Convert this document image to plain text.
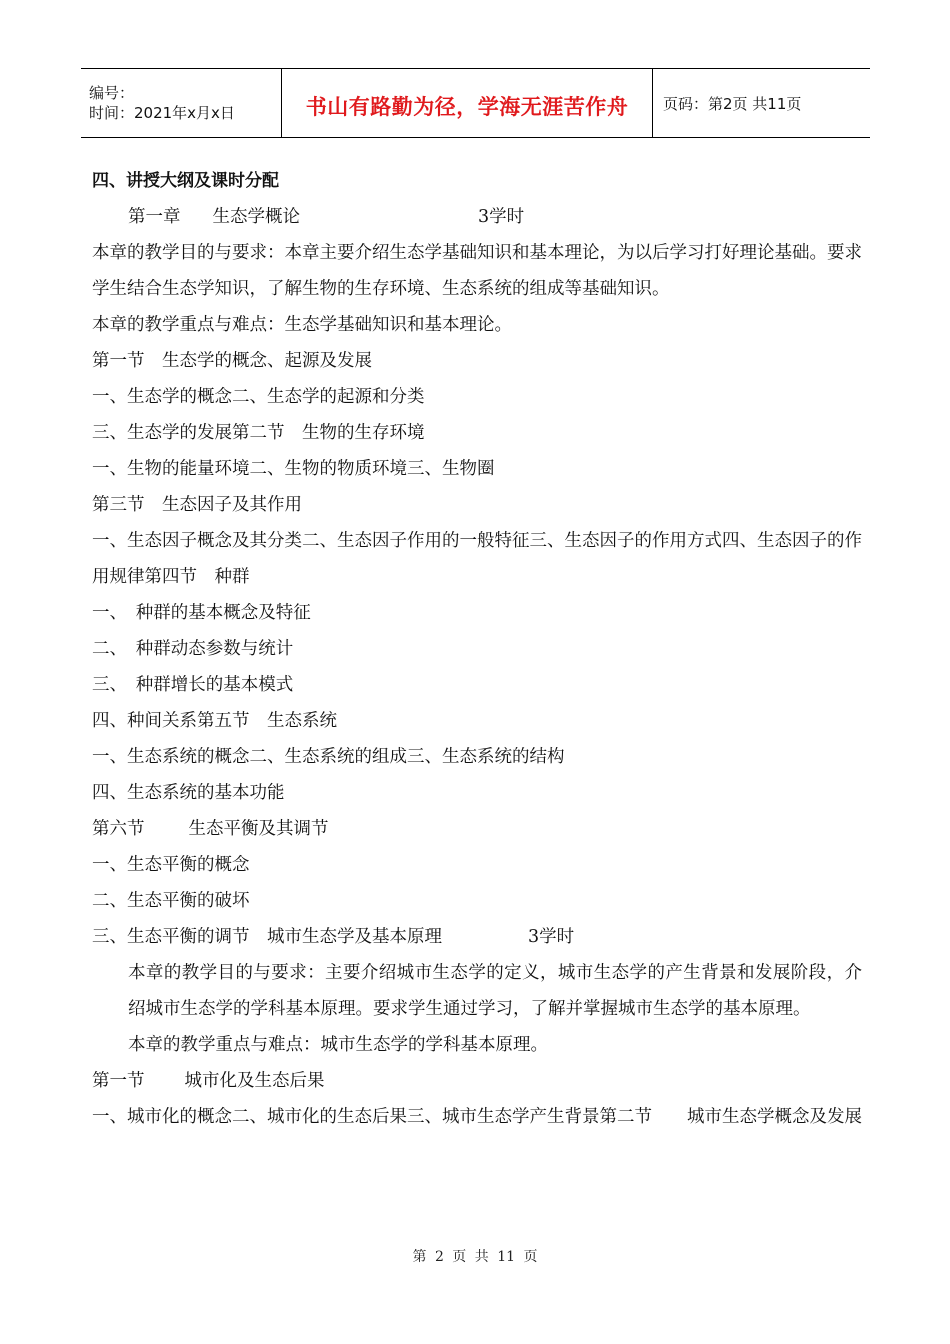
编号：
时间：2021年x月x日	书山有路勤为径，学海无涯苦作舟	页码：第2页 共11页
四、讲授大纲及课时分配
第一章 生态学概论	3学时
本章的教学目的与要求：本章主要介绍生态学基础知识和基本理论，为以后学习打好理论基础。要求学生结合生态学知识，了解生物的生存环境、生态系统的组成等基础知识。
本章的教学重点与难点：生态学基础知识和基本理论。
第一节　生态学的概念、起源及发展
一、生态学的概念二、生态学的起源和分类
三、生态学的发展第二节　生物的生存环境
一、生物的能量环境二、生物的物质环境三、生物圈
第三节　生态因子及其作用
一、生态因子概念及其分类二、生态因子作用的一般特征三、生态因子的作用方式四、生态因子的作用规律第四节　种群
一、　种群的基本概念及特征
二、　种群动态参数与统计
三、　种群增长的基本模式
四、种间关系第五节　生态系统
一、生态系统的概念二、生态系统的组成三、生态系统的结构
四、生态系统的基本功能
第六节	生态平衡及其调节
一、生态平衡的概念
二、生态平衡的破坏
三、生态平衡的调节　城市生态学及基本原理	3学时
本章的教学目的与要求：主要介绍城市生态学的定义，城市生态学的产生背景和发展阶段，介绍城市生态学的学科基本原理。要求学生通过学习，了解并掌握城市生态学的基本原理。
本章的教学重点与难点：城市生态学的学科基本原理。
第一节 城市化及生态后果
一、城市化的概念二、城市化的生态后果三、城市生态学产生背景第二节　　城市生态学概念及发展
第 2 页 共 11 页
